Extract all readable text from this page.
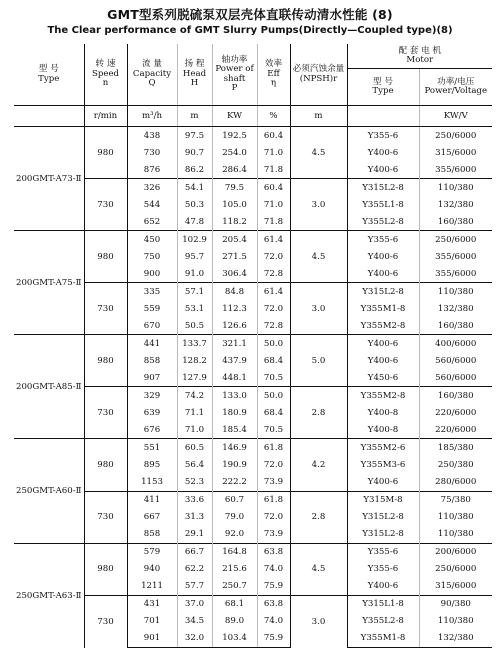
GMT型系列脱硫泵双层壳体直联传动清水性能 (8)
The Clear performance of GMT Slurry Pumps(Directly—Coupled type)(8)
型 号
Type	转 速
Speed
n	流 量
Capacity
Q	扬 程
Head
H	轴功率
Power of shaft
P	效率
Eff
η	必须汽蚀余量
(NPSH)r	配 套 电 机
Motor	
							型 号
Type	功率/电压
Power/Voltage
	r/min	m³/h	m	KW	%	m		KW/V
200GMT-A73-Ⅱ	980	438	97.5	192.5	60.4	4.5	Y355-6	250/6000
		730	90.7	254.0	71.0		Y400-6	315/6000
		876	86.2	286.4	71.8		Y400-6	355/6000
	730	326	54.1	79.5	60.4	3.0	Y315L2-8	110/380
		544	50.3	105.0	71.0		Y355L1-8	132/380
		652	47.8	118.2	71.8		Y355L2-8	160/380
200GMT-A75-Ⅱ	980	450	102.9	205.4	61.4	4.5	Y355-6	250/6000
		750	95.7	271.5	72.0		Y400-6	355/6000
		900	91.0	306.4	72.8		Y400-6	355/6000
	730	335	57.1	84.8	61.4	3.0	Y315L2-8	110/380
		559	53.1	112.3	72.0		Y355M1-8	132/380
		670	50.5	126.6	72.8		Y355M2-8	160/380
200GMT-A85-Ⅱ	980	441	133.7	321.1	50.0	5.0	Y400-6	400/6000
		858	128.2	437.9	68.4		Y400-6	560/6000
		907	127.9	448.1	70.5		Y450-6	560/6000
	730	329	74.2	133.0	50.0	2.8	Y355M2-8	160/380
		639	71.1	180.9	68.4		Y400-8	220/6000
		676	71.0	185.4	70.5		Y400-8	220/6000
250GMT-A60-Ⅱ	980	551	60.5	146.9	61.8	4.2	Y355M2-6	185/380
		895	56.4	190.9	72.0		Y355M3-6	250/380
		1153	52.3	222.2	73.9		Y400-6	280/6000
	730	411	33.6	60.7	61.8	2.8	Y315M-8	75/380
		667	31.3	79.0	72.0		Y315L2-8	110/380
		858	29.1	92.0	73.9		Y315L2-8	110/380
250GMT-A63-Ⅱ	980	579	66.7	164.8	63.8	4.5	Y355-6	200/6000
		940	62.2	215.6	74.0		Y355-6	250/6000
		1211	57.7	250.7	75.9		Y400-6	315/6000
	730	431	37.0	68.1	63.8	3.0	Y315L1-8	90/380
		701	34.5	89.0	74.0		Y355L2-8	110/380
		901	32.0	103.4	75.9		Y355M1-8	132/380
